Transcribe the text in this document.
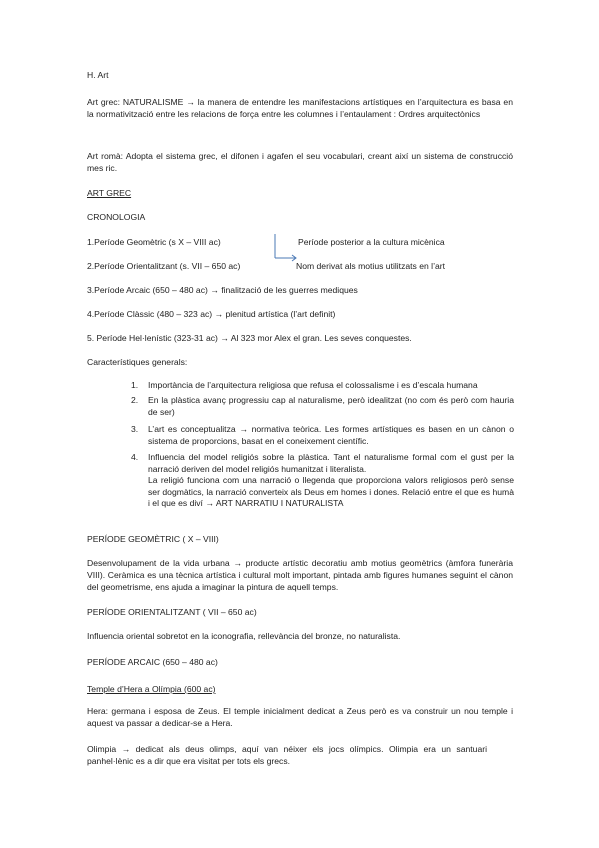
H. Art
Art grec: NATURALISME → la manera de entendre les manifestacions artístiques en l’arquitectura es basa en la normativització entre les relacions de força entre les columnes i l’entaulament : Ordres arquitectònics
Art romà: Adopta el sistema grec, el difonen i agafen el seu vocabulari, creant així un sistema de construcció mes ric.
ART GREC
CRONOLOGIA
1.Període Geomètric (s X – VIII ac)
2.Període Orientalitzant (s. VII – 650 ac)
Període posterior a la cultura micènica
Nom derivat als motius utilitzats en l’art
3.Període Arcaic (650 – 480 ac) → finalització de les guerres mediques
4.Període Clàssic (480 – 323 ac) → plenitud artística (l’art definit)
5. Període Hel·lenístic (323-31 ac) → Al 323 mor Alex el gran. Les seves conquestes.
Característiques generals:
1. Importància de l’arquitectura religiosa que refusa el colossalisme i es d’escala humana
2. En la plàstica avanç progressiu cap al naturalisme, però idealitzat (no com és però com hauria de ser)
3. L’art es conceptualitza → normativa teòrica. Les formes artístiques es basen en un cànon o sistema de proporcions, basat en el coneixement científic.
4. Influencia del model religiós sobre la plàstica. Tant el naturalisme formal com el gust per la narració deriven del model religiós humanitzat i literalista.
La religió funciona com una narració o llegenda que proporciona valors religiosos però sense ser dogmàtics, la narració converteix als Deus em homes i dones. Relació entre el que es humà i el que es diví → ART NARRATIU I NATURALISTA
PERÍODE GEOMÈTRIC ( X – VIII)
Desenvolupament de la vida urbana → producte artístic decoratiu amb motius geomètrics (àmfora funerària VIII). Ceràmica es una tècnica artística i cultural molt important, pintada amb figures humanes seguint el cànon del geometrisme, ens ajuda a imaginar la pintura de aquell temps.
PERÍODE ORIENTALITZANT ( VII – 650 ac)
Influencia oriental sobretot en la iconografia, rellevància del bronze, no naturalista.
PERÍODE ARCAIC (650 – 480 ac)
Temple d’Hera a Olímpia (600 ac)
Hera: germana i esposa de Zeus. El temple inicialment dedicat a Zeus però es va construir un nou temple i aquest va passar a dedicar-se a Hera.
Olimpia → dedicat als deus olimps, aquí van néixer els jocs olímpics. Olimpia era un santuari panhel·lènic es a dir que era visitat per tots els grecs.
